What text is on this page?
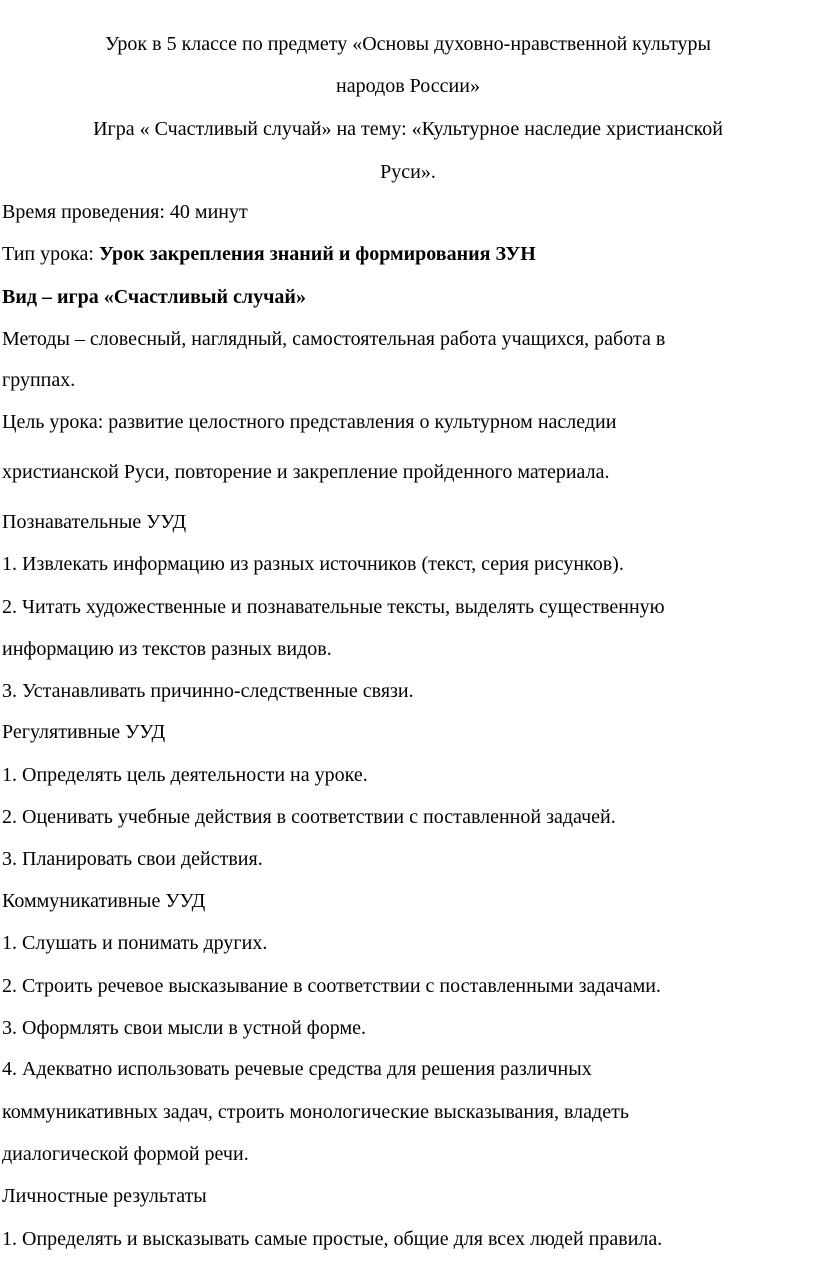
Урок в 5 классе по предмету «Основы духовно-нравственной культуры
народов России»
Игра « Счастливый случай» на тему: «Культурное наследие христианской
Руси».
Время проведения: 40 минут
Тип урока: Урок закрепления знаний и формирования ЗУН
Вид – игра «Счастливый случай»
Методы – словесный, наглядный, самостоятельная работа учащихся, работа в
группах.
Цель урока: развитие целостного представления о культурном наследии
христианской Руси, повторение и закрепление пройденного материала.
Познавательные УУД
1. Извлекать информацию из разных источников (текст, серия рисунков).
2. Читать художественные и познавательные тексты, выделять существенную
информацию из текстов разных видов.
3. Устанавливать причинно-следственные связи.
Регулятивные УУД
1. Определять цель деятельности на уроке.
2. Оценивать учебные действия в соответствии с поставленной задачей.
3. Планировать свои действия.
Коммуникативные УУД
1. Слушать и понимать других.
2. Строить речевое высказывание в соответствии с поставленными задачами.
3. Оформлять свои мысли в устной форме.
4. Адекватно использовать речевые средства для решения различных
коммуникативных задач, строить монологические высказывания, владеть
диалогической формой речи.
Личностные результаты
1. Определять и высказывать самые простые, общие для всех людей правила.
